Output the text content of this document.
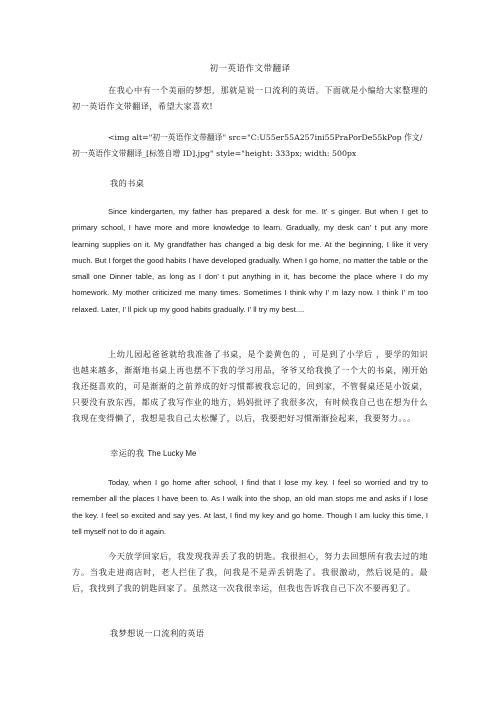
初一英语作文带翻译
在我心中有一个美丽的梦想，那就是说一口流利的英语。下面就是小编给大家整理的初一英语作文带翻译，希望大家喜欢!
<img alt="初一英语作文带翻译" src="C:U55er55A257ini55PraPorDe55kPop 作文/初一英语作文带翻译_[标签自增 ID].jpg" style="height: 333px; width: 500px
我的书桌
Since kindergarten, my father has prepared a desk for me. It’ s ginger. But when I get to primary school, I have more and more knowledge to learn. Gradually, my desk can’ t put any more learning supplies on it. My grandfather has changed a big desk for me. At the beginning, I like it very much. But I forget the good habits I have developed gradually. When I go home, no matter the table or the small one Dinner table, as long as I don’ t put anything in it, has become the place where I do my homework. My mother criticized me many times. Sometimes I think why I’ m lazy now. I think I’ m too relaxed. Later, I’ ll pick up my good habits gradually. I’ ll try my best....
上幼儿园起爸爸就给我准备了书桌，是个姜黄色的 ，可是到了小学后 ，要学的知识也越来越多，渐渐地书桌上再也摆不下我的学习用品，爷爷又给我换了一个大的书桌，刚开始我还挺喜欢的，可是渐渐的之前养成的好习惯都被我忘记的，回到家，不管餐桌还是小饭桌，只要没有放东西，都成了我写作业的地方，妈妈批评了我很多次，有时候我自己也在想为什么我现在变得懒了，我想是我自己太松懈了，以后，我要把好习惯渐渐捡起来，我要努力。。。
幸运的我 The Lucky Me
Today, when I go home after school, I find that I lose my key. I feel so worried and try to remember all the places I have been to. As I walk into the shop, an old man stops me and asks if I lose the key. I feel so excited and say yes. At last, I find my key and go home. Though I am lucky this time, I tell myself not to do it again.
今天放学回家后，我发现我弄丢了我的钥匙。我很担心，努力去回想所有我去过的地方。当我走进商店时，老人拦住了我，问我是不是弄丢钥匙了。我很激动，然后说是的。最后，我找到了我的钥匙回家了。虽然这一次我很幸运，但我也告诉我自己下次不要再犯了。
我梦想说一口流利的英语
